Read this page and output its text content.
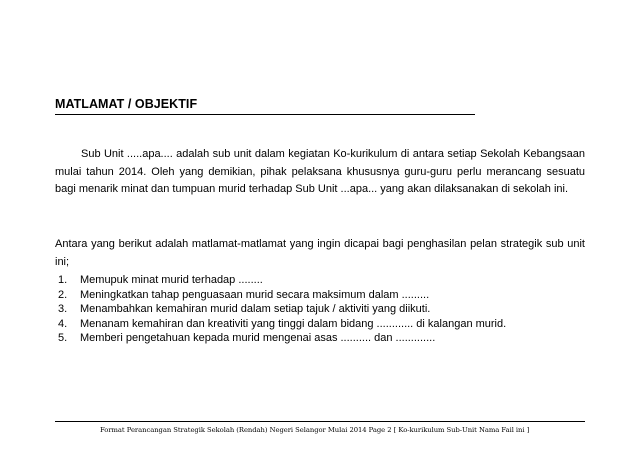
MATLAMAT / OBJEKTIF

Sub Unit .....apa.... adalah sub unit dalam kegiatan Ko-kurikulum di antara setiap Sekolah Kebangsaan mulai tahun 2014. Oleh yang demikian, pihak pelaksana khususnya guru-guru perlu merancang sesuatu bagi menarik minat dan tumpuan murid terhadap Sub Unit ...apa... yang akan dilaksanakan di sekolah ini.

Antara yang berikut adalah matlamat-matlamat yang ingin dicapai bagi penghasilan pelan strategik sub unit ini;

1.	Memupuk minat murid terhadap ........
2.	Meningkatkan tahap penguasaan murid secara maksimum dalam .........
3.	Menambahkan kemahiran murid dalam setiap tajuk / aktiviti yang diikuti.
4.	Menanam kemahiran dan kreativiti yang tinggi dalam bidang ............ di kalangan murid.
5.	Memberi pengetahuan kepada murid mengenai asas .......... dan .............
Format Perancangan Strategik Sekolah (Rendah) Negeri Selangor Mulai 2014 Page 2 [ Ko-kurikulum Sub-Unit Nama Fail ini ]
